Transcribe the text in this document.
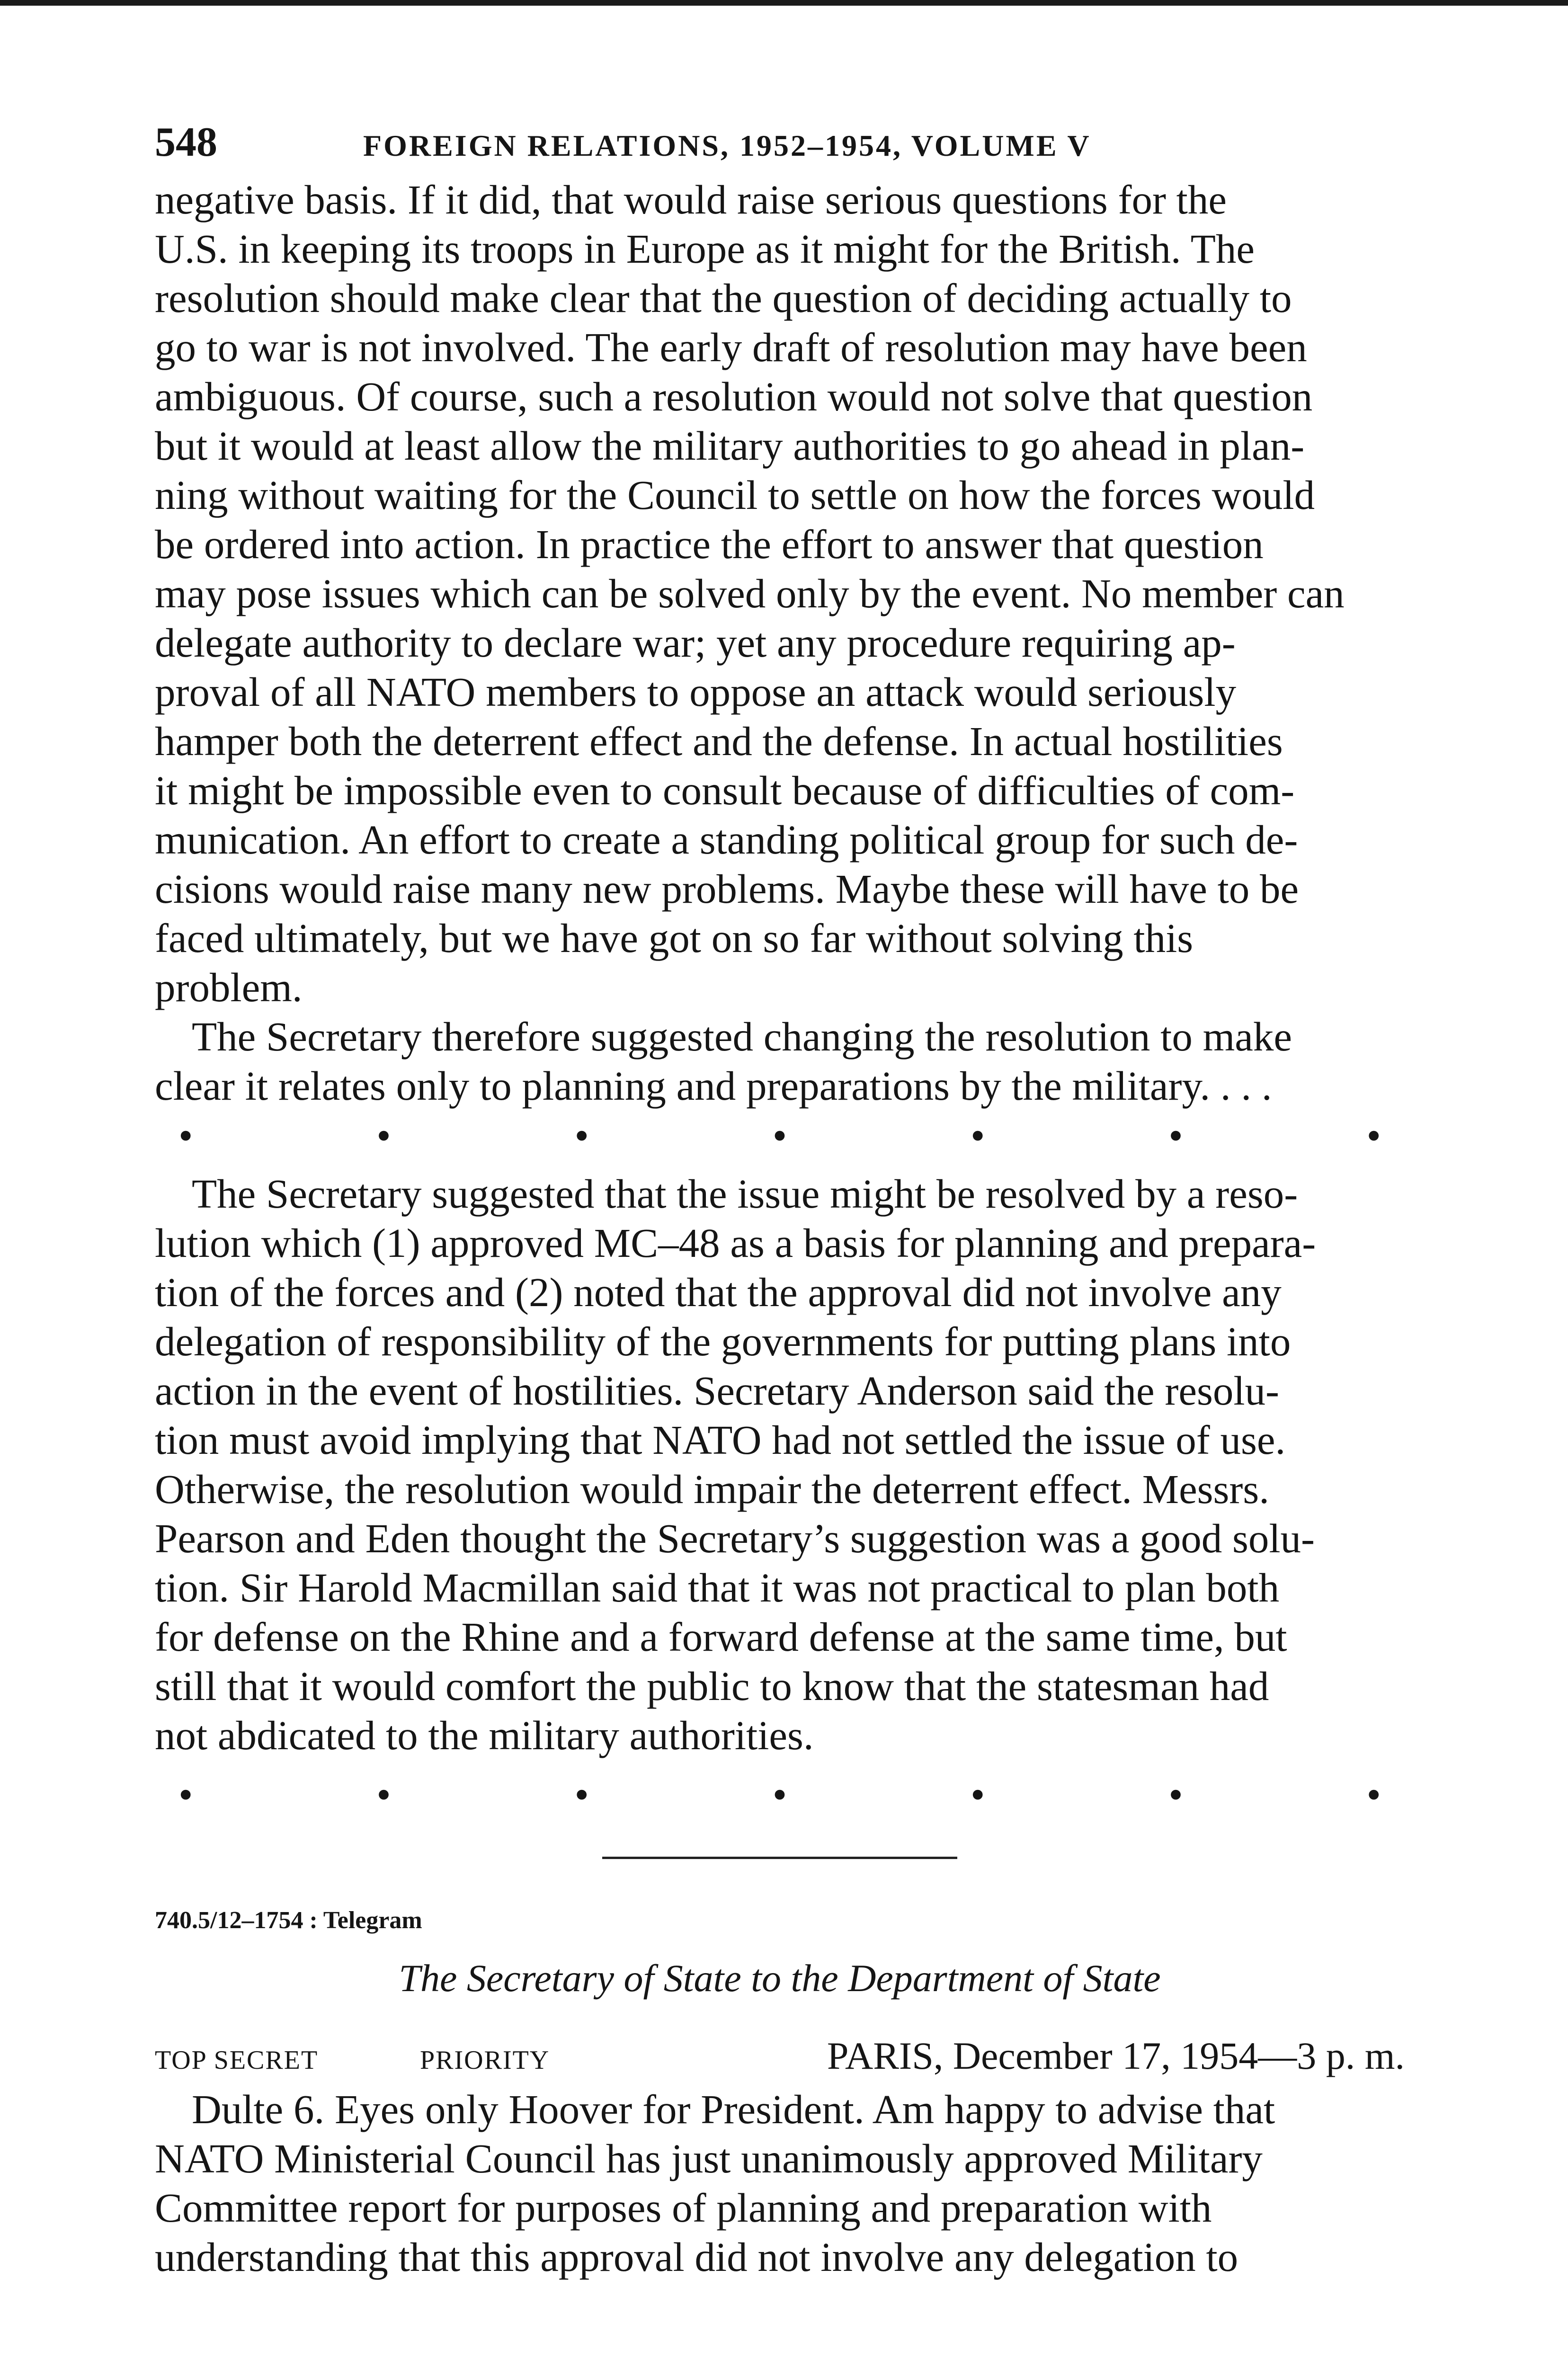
548	FOREIGN RELATIONS, 1952–1954, VOLUME V
negative basis. If it did, that would raise serious questions for the
U.S. in keeping its troops in Europe as it might for the British. The
resolution should make clear that the question of deciding actually to
go to war is not involved. The early draft of resolution may have been
ambiguous. Of course, such a resolution would not solve that question
but it would at least allow the military authorities to go ahead in plan-
ning without waiting for the Council to settle on how the forces would
be ordered into action. In practice the effort to answer that question
may pose issues which can be solved only by the event. No member can
delegate authority to declare war; yet any procedure requiring ap-
proval of all NATO members to oppose an attack would seriously
hamper both the deterrent effect and the defense. In actual hostilities
it might be impossible even to consult because of difficulties of com-
munication. An effort to create a standing political group for such de-
cisions would raise many new problems. Maybe these will have to be
faced ultimately, but we have got on so far without solving this
problem.
The Secretary therefore suggested changing the resolution to make
clear it relates only to planning and preparations by the military. . . .
•	•	•	•	•	•	•
The Secretary suggested that the issue might be resolved by a reso-
lution which (1) approved MC–48 as a basis for planning and prepara-
tion of the forces and (2) noted that the approval did not involve any
delegation of responsibility of the governments for putting plans into
action in the event of hostilities. Secretary Anderson said the resolu-
tion must avoid implying that NATO had not settled the issue of use.
Otherwise, the resolution would impair the deterrent effect. Messrs.
Pearson and Eden thought the Secretary’s suggestion was a good solu-
tion. Sir Harold Macmillan said that it was not practical to plan both
for defense on the Rhine and a forward defense at the same time, but
still that it would comfort the public to know that the statesman had
not abdicated to the military authorities.
•	•	•	•	•	•	•
740.5/12–1754 : Telegram
The Secretary of State to the Department of State
TOP SECRET	PRIORITY	PARIS, December 17, 1954—3 p. m.
Dulte 6. Eyes only Hoover for President. Am happy to advise that
NATO Ministerial Council has just unanimously approved Military
Committee report for purposes of planning and preparation with
understanding that this approval did not involve any delegation to
